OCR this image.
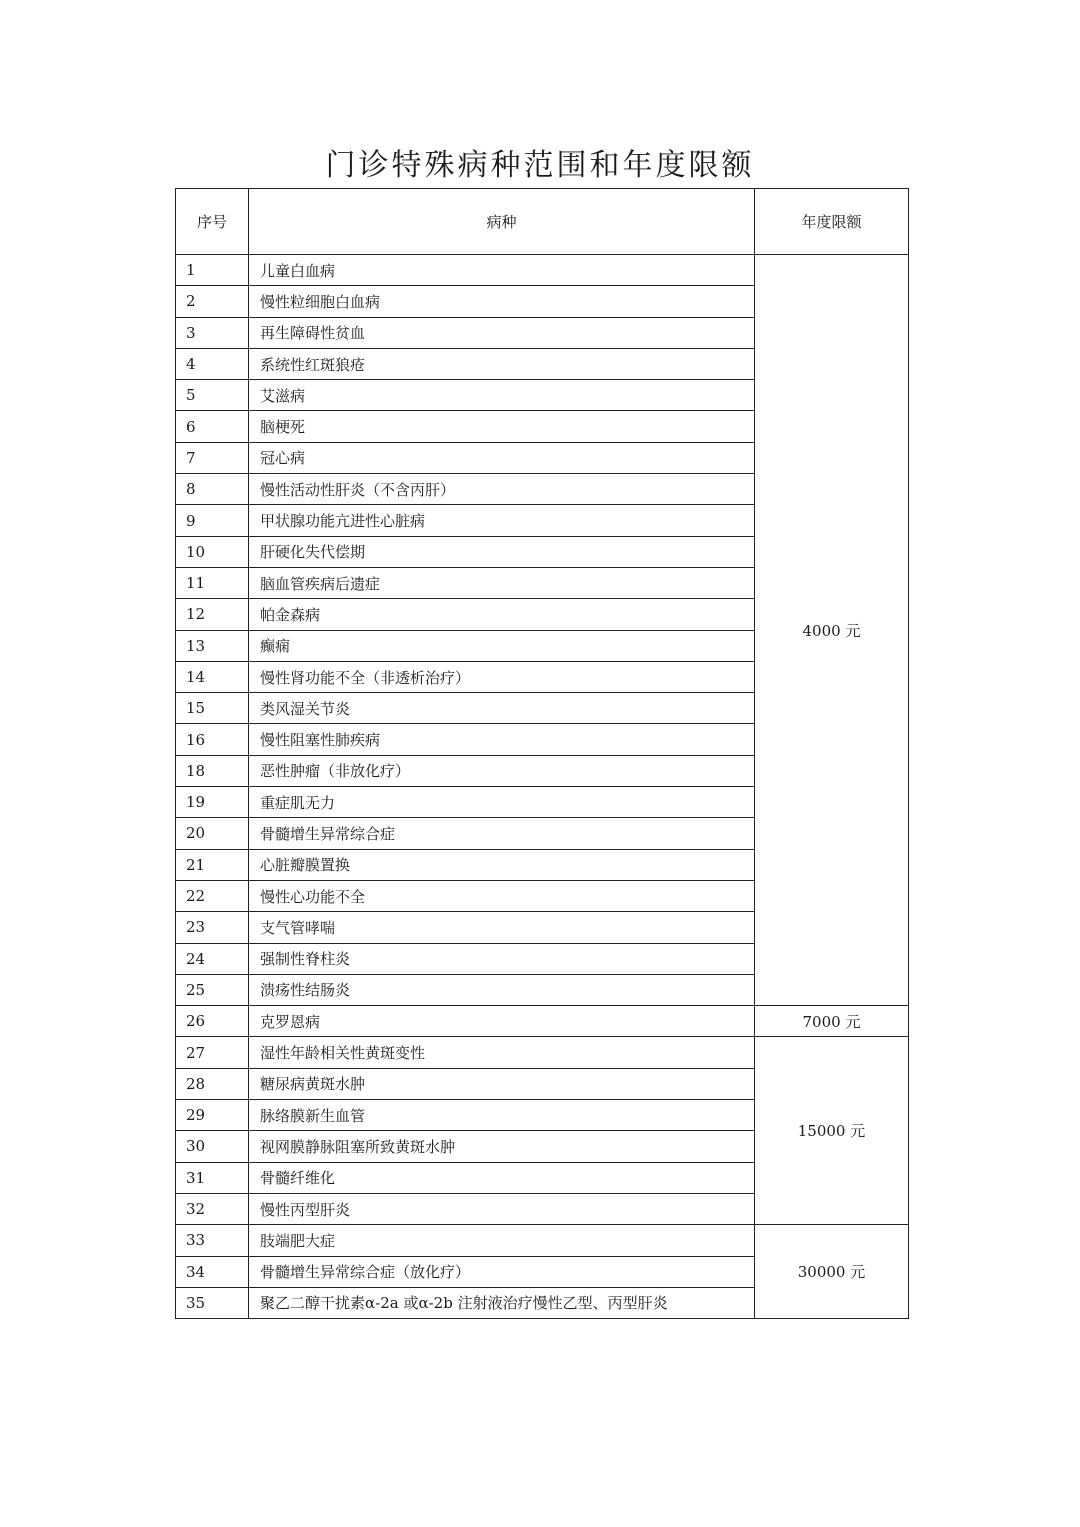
门诊特殊病种范围和年度限额
序号	病种	年度限额
1	儿童白血病	4000 元
2	慢性粒细胞白血病	
3	再生障碍性贫血	
4	系统性红斑狼疮	
5	艾滋病	
6	脑梗死	
7	冠心病	
8	慢性活动性肝炎（不含丙肝）	
9	甲状腺功能亢进性心脏病	
10	肝硬化失代偿期	
11	脑血管疾病后遗症	
12	帕金森病	
13	癫痫	
14	慢性肾功能不全（非透析治疗）	
15	类风湿关节炎	
16	慢性阻塞性肺疾病	
18	恶性肿瘤（非放化疗）	
19	重症肌无力	
20	骨髓增生异常综合症	
21	心脏瓣膜置换	
22	慢性心功能不全	
23	支气管哮喘	
24	强制性脊柱炎	
25	溃疡性结肠炎	
26	克罗恩病	7000 元
27	湿性年龄相关性黄斑变性	15000 元
28	糖尿病黄斑水肿	
29	脉络膜新生血管	
30	视网膜静脉阻塞所致黄斑水肿	
31	骨髓纤维化	
32	慢性丙型肝炎	
33	肢端肥大症	30000 元
34	骨髓增生异常综合症（放化疗）	
35	聚乙二醇干扰素α-2a 或α-2b 注射液治疗慢性乙型、丙型肝炎	
